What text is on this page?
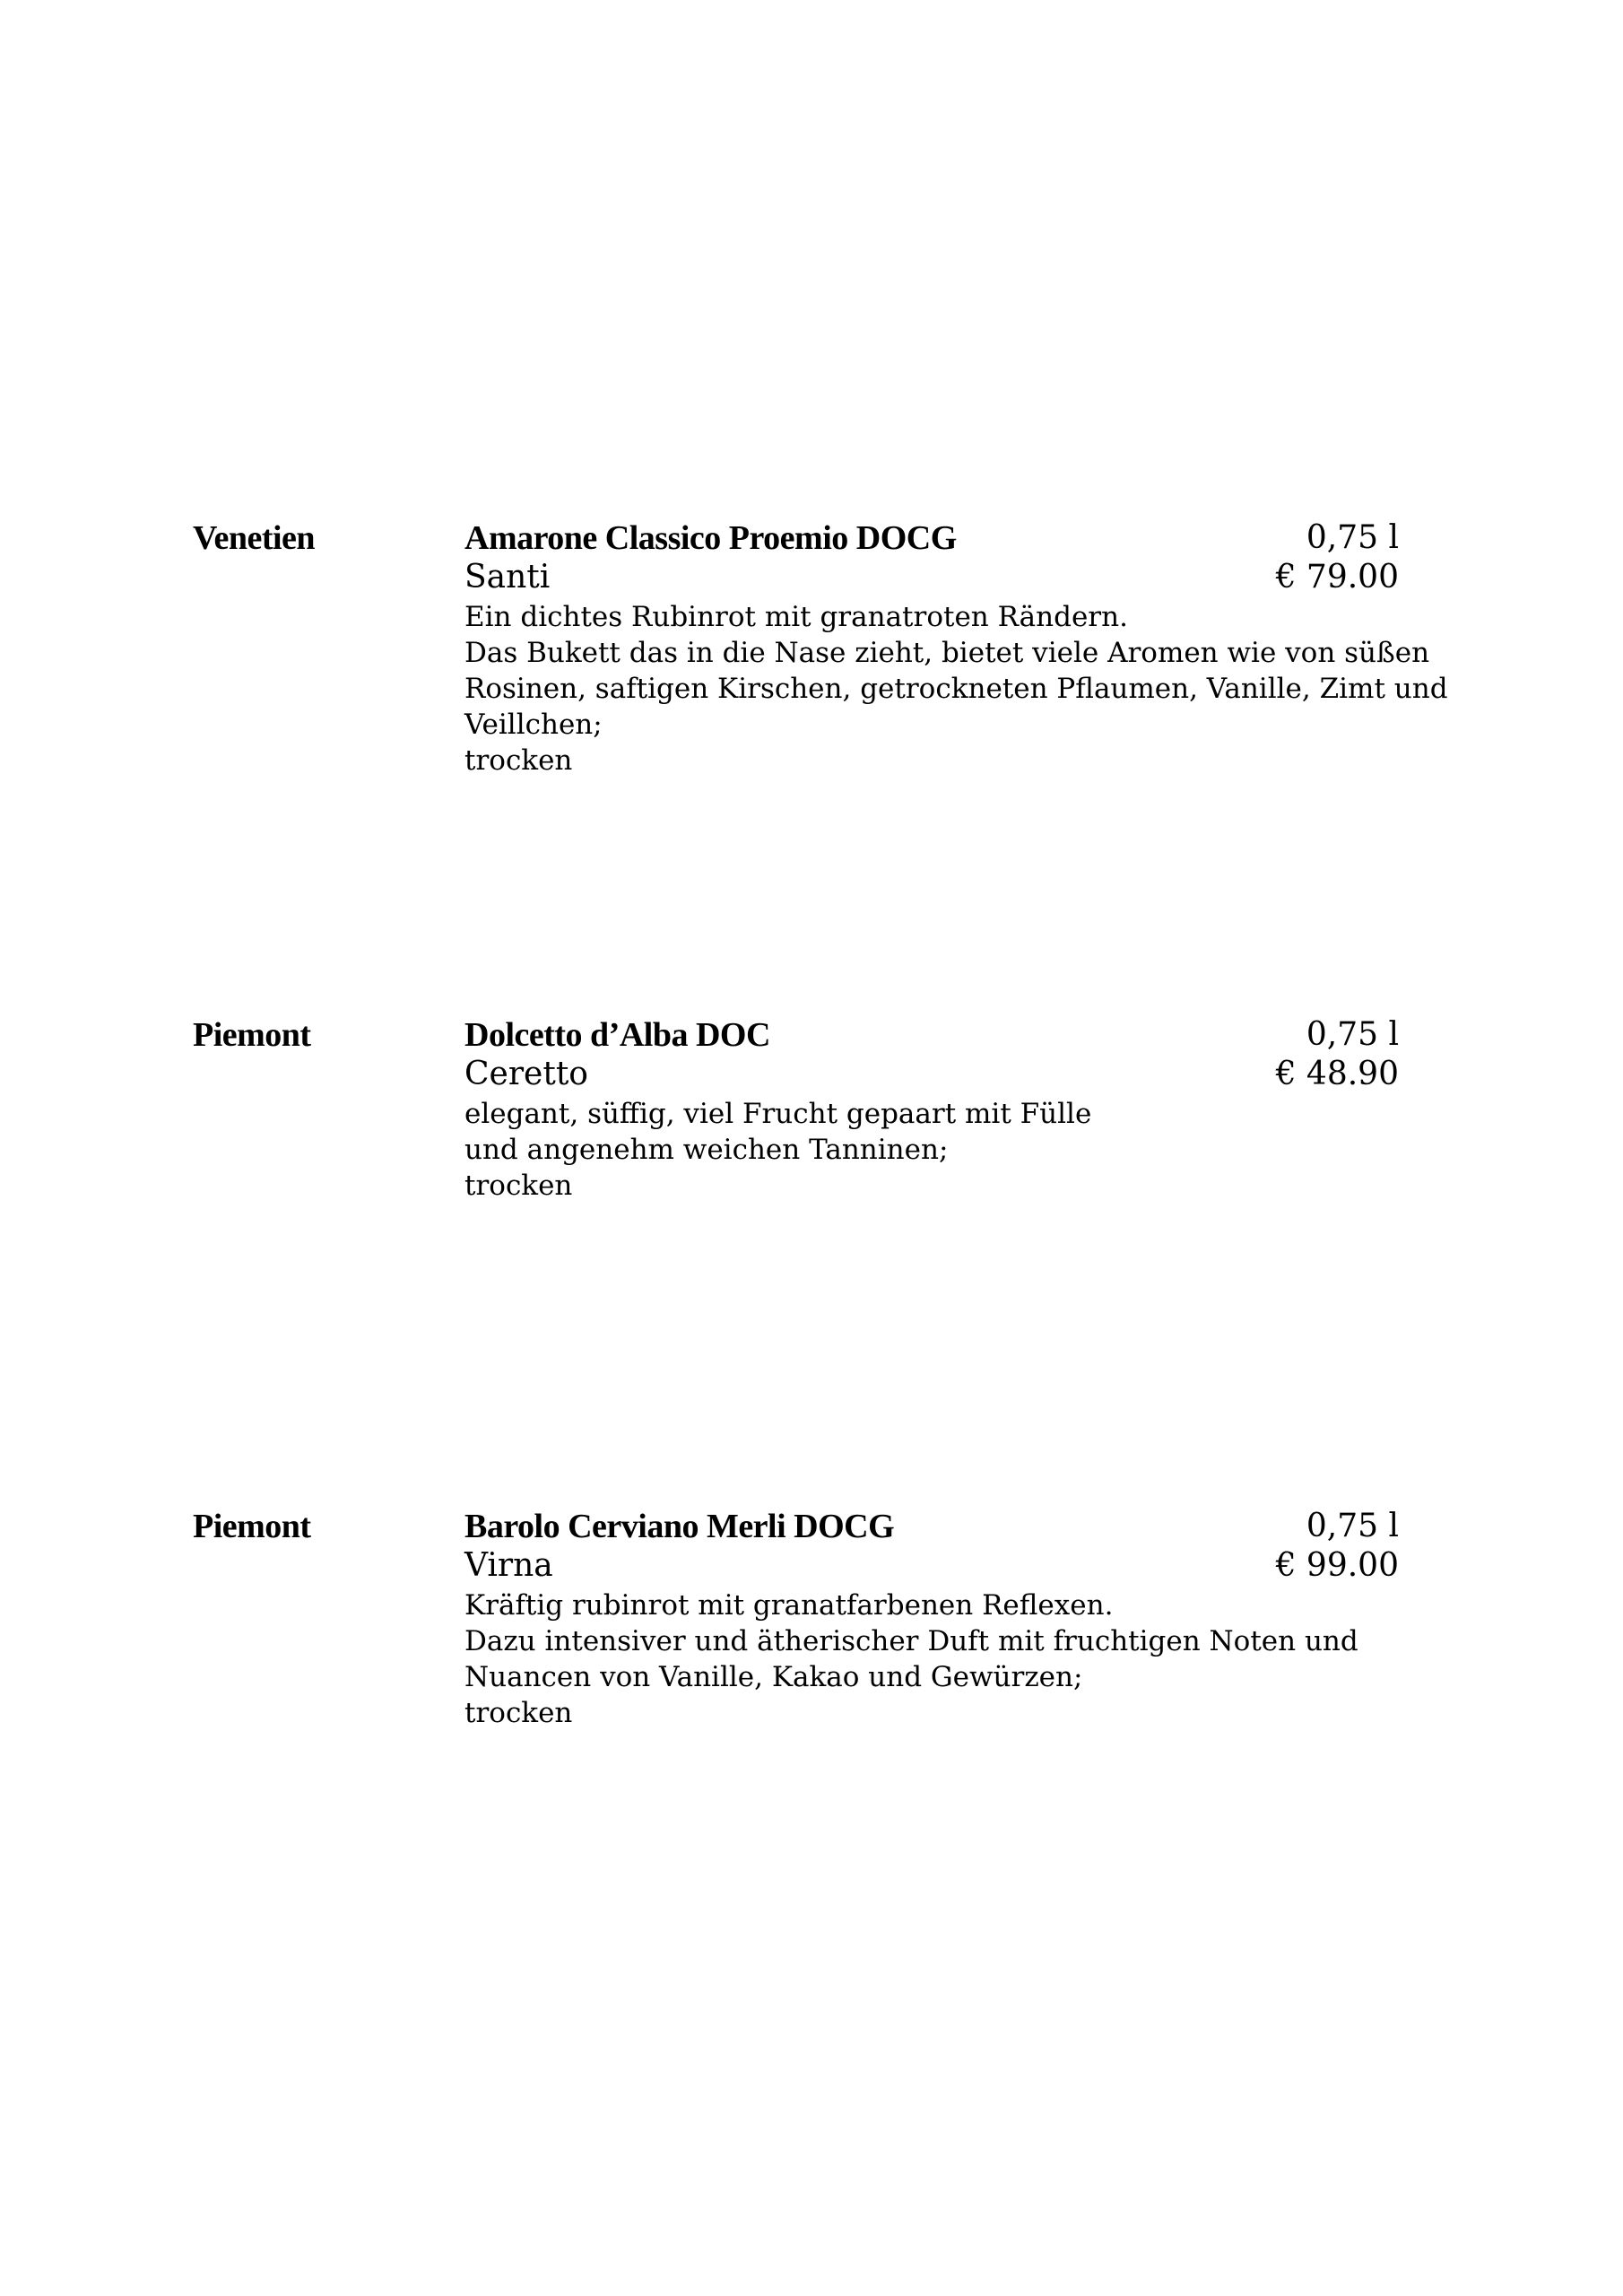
Venetien	Amarone Classico Proemio DOCG	0,75 l
Santi	€ 79.00
Ein dichtes Rubinrot mit granatroten Rändern.
Das Bukett das in die Nase zieht, bietet viele Aromen wie von süßen
Rosinen, saftigen Kirschen, getrockneten Pflaumen, Vanille, Zimt und
Veillchen;
trocken
Piemont	Dolcetto d’Alba DOC	0,75 l
Ceretto	€ 48.90
elegant, süffig, viel Frucht gepaart mit Fülle
und angenehm weichen Tanninen;
trocken
Piemont	Barolo Cerviano Merli DOCG	0,75 l
Virna	€ 99.00
Kräftig rubinrot mit granatfarbenen Reflexen.
Dazu intensiver und ätherischer Duft mit fruchtigen Noten und
Nuancen von Vanille, Kakao und Gewürzen;
trocken
